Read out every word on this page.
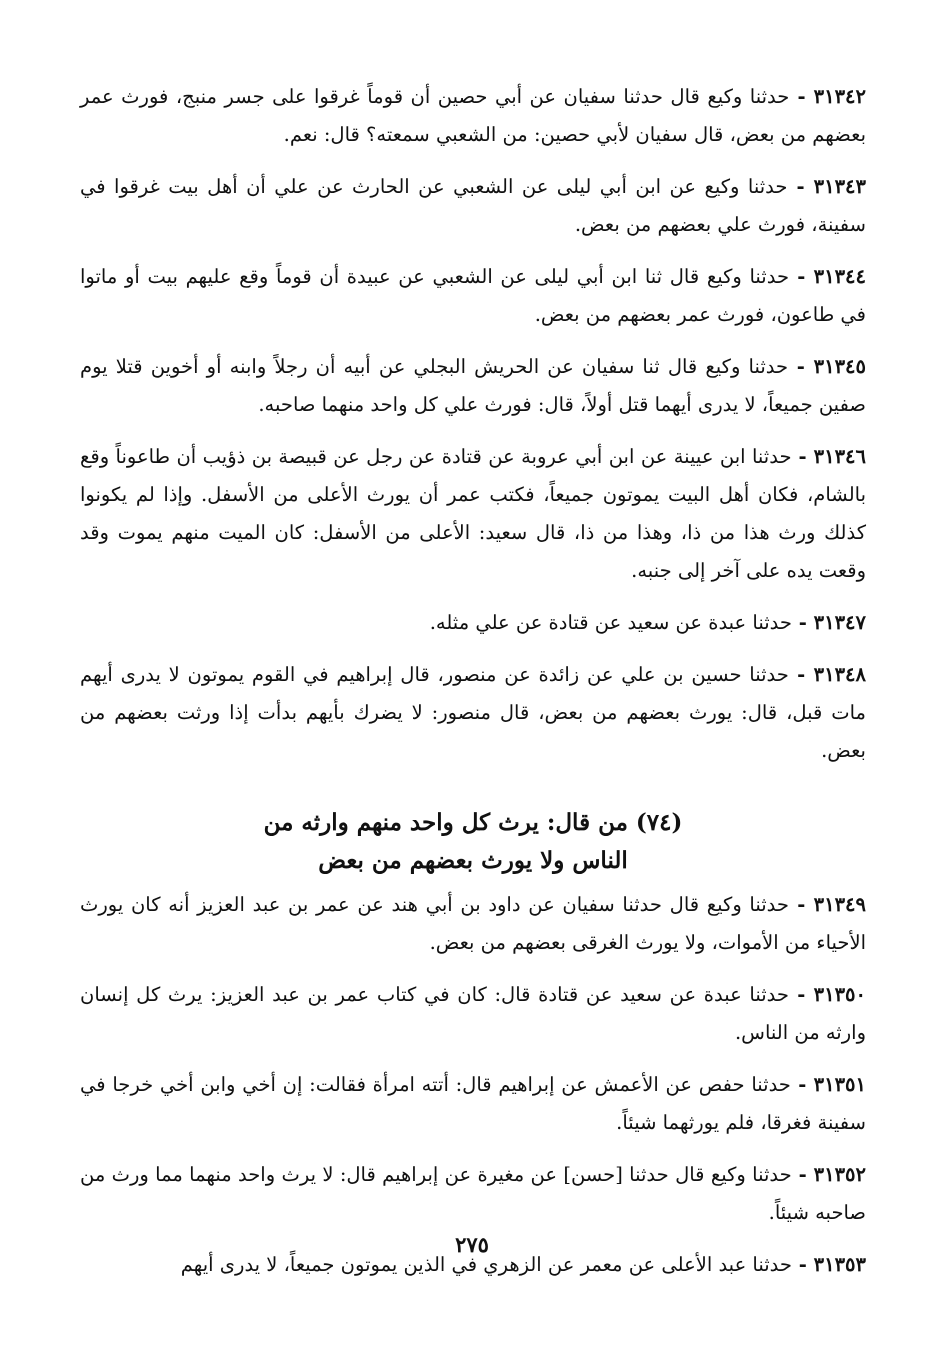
٣١٣٤٢ - حدثنا وكيع قال حدثنا سفيان عن أبي حصين أن قوماً غرقوا على جسر منبج، فورث عمر بعضهم من بعض، قال سفيان لأبي حصين: من الشعبي سمعته؟ قال: نعم.

٣١٣٤٣ - حدثنا وكيع عن ابن أبي ليلى عن الشعبي عن الحارث عن علي أن أهل بيت غرقوا في سفينة، فورث علي بعضهم من بعض.

٣١٣٤٤ - حدثنا وكيع قال ثنا ابن أبي ليلى عن الشعبي عن عبيدة أن قوماً وقع عليهم بيت أو ماتوا في طاعون، فورث عمر بعضهم من بعض.

٣١٣٤٥ - حدثنا وكيع قال ثنا سفيان عن الحريش البجلي عن أبيه أن رجلاً وابنه أو أخوين قتلا يوم صفين جميعاً، لا يدرى أيهما قتل أولاً، قال: فورث علي كل واحد منهما صاحبه.

٣١٣٤٦ - حدثنا ابن عيينة عن ابن أبي عروبة عن قتادة عن رجل عن قبيصة بن ذؤيب أن طاعوناً وقع بالشام، فكان أهل البيت يموتون جميعاً، فكتب عمر أن يورث الأعلى من الأسفل. وإذا لم يكونوا كذلك ورث هذا من ذا، وهذا من ذا، قال سعيد: الأعلى من الأسفل: كان الميت منهم يموت وقد وقعت يده على آخر إلى جنبه.

٣١٣٤٧ - حدثنا عبدة عن سعيد عن قتادة عن علي مثله.

٣١٣٤٨ - حدثنا حسين بن علي عن زائدة عن منصور، قال إبراهيم في القوم يموتون لا يدرى أيهم مات قبل، قال: يورث بعضهم من بعض، قال منصور: لا يضرك بأيهم بدأت إذا ورثت بعضهم من بعض.

(٧٤) من قال: يرث كل واحد منهم وارثه من
الناس ولا يورث بعضهم من بعض

٣١٣٤٩ - حدثنا وكيع قال حدثنا سفيان عن داود بن أبي هند عن عمر بن عبد العزيز أنه كان يورث الأحياء من الأموات، ولا يورث الغرقى بعضهم من بعض.

٣١٣٥٠ - حدثنا عبدة عن سعيد عن قتادة قال: كان في كتاب عمر بن عبد العزيز: يرث كل إنسان وارثه من الناس.

٣١٣٥١ - حدثنا حفص عن الأعمش عن إبراهيم قال: أتته امرأة فقالت: إن أخي وابن أخي خرجا في سفينة فغرقا، فلم يورثهما شيئاً.

٣١٣٥٢ - حدثنا وكيع قال حدثنا [حسن] عن مغيرة عن إبراهيم قال: لا يرث واحد منهما مما ورث من صاحبه شيئاً.

٣١٣٥٣ - حدثنا عبد الأعلى عن معمر عن الزهري في الذين يموتون جميعاً، لا يدرى أيهم

٢٧٥
